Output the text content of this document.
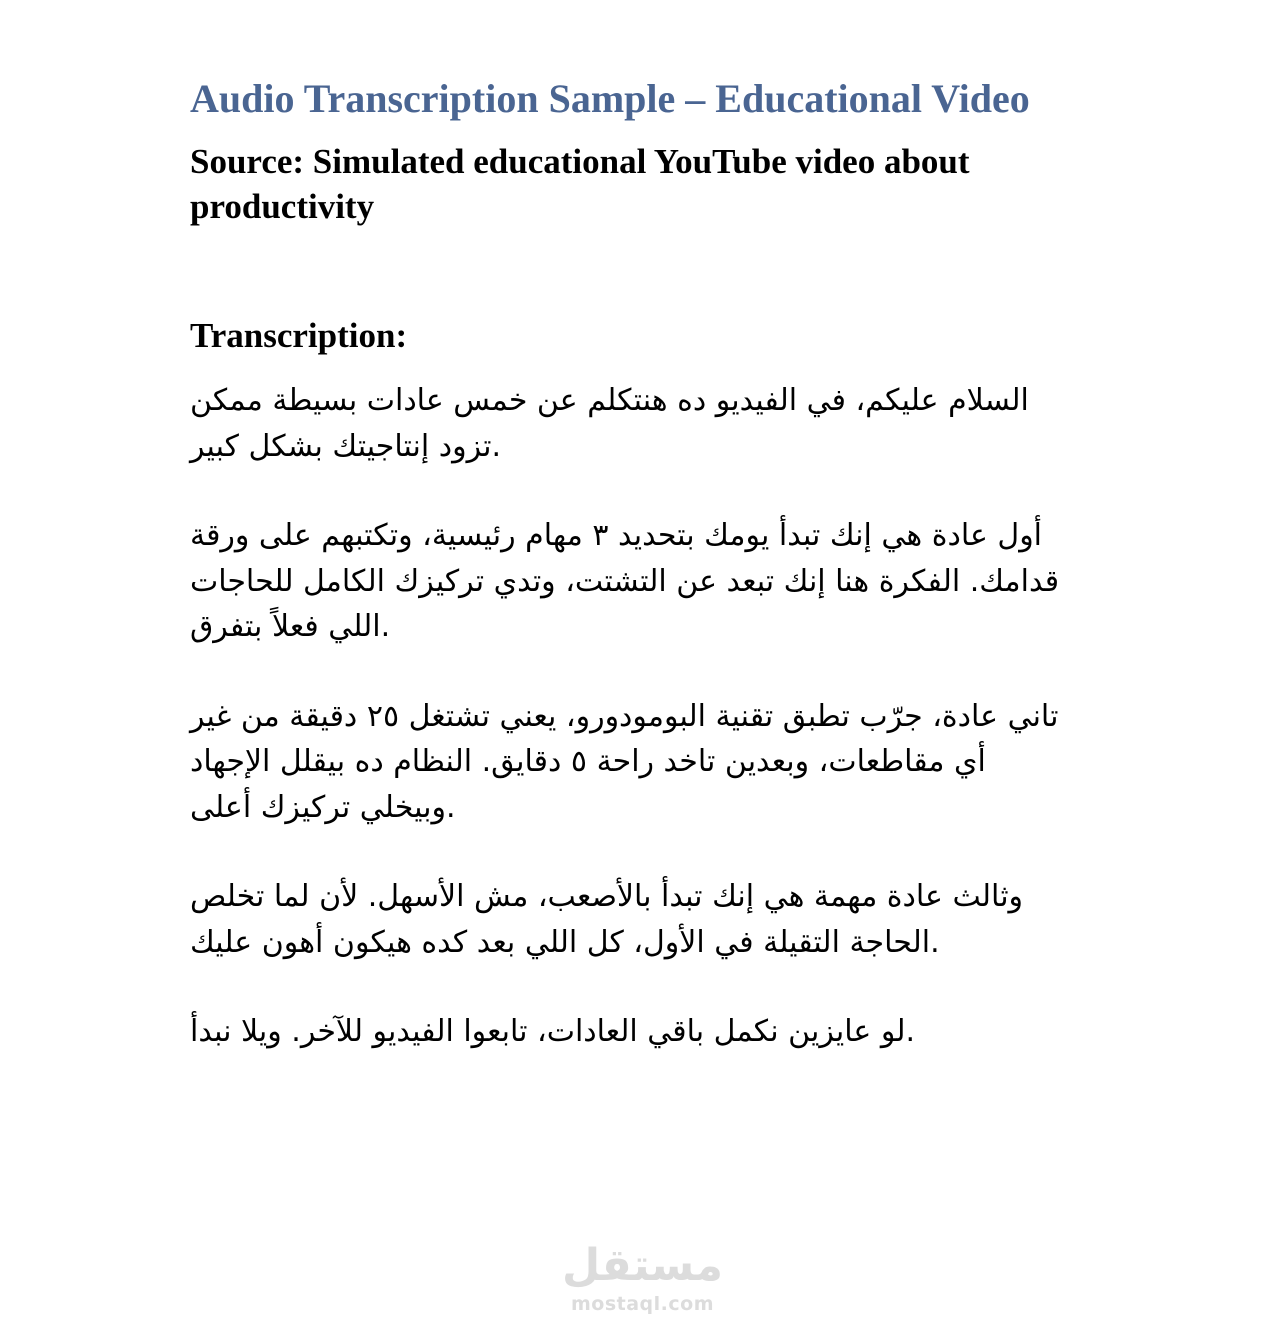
Audio Transcription Sample – Educational Video
Source: Simulated educational YouTube video about productivity
Transcription:

السلام عليكم، في الفيديو ده هنتكلم عن خمس عادات بسيطة ممكن
تزود إنتاجيتك بشكل كبير.

أول عادة هي إنك تبدأ يومك بتحديد ٣ مهام رئيسية، وتكتبهم على ورقة
قدامك. الفكرة هنا إنك تبعد عن التشتت، وتدي تركيزك الكامل للحاجات
اللي فعلاً بتفرق.

تاني عادة، جرّب تطبق تقنية البومودورو، يعني تشتغل ٢٥ دقيقة من غير
أي مقاطعات، وبعدين تاخد راحة ٥ دقايق. النظام ده بيقلل الإجهاد
وبيخلي تركيزك أعلى.

وثالث عادة مهمة هي إنك تبدأ بالأصعب، مش الأسهل. لأن لما تخلص
الحاجة التقيلة في الأول، كل اللي بعد كده هيكون أهون عليك.

لو عايزين نكمل باقي العادات، تابعوا الفيديو للآخر. ويلا نبدأ.

مستقل
mostaql.com
